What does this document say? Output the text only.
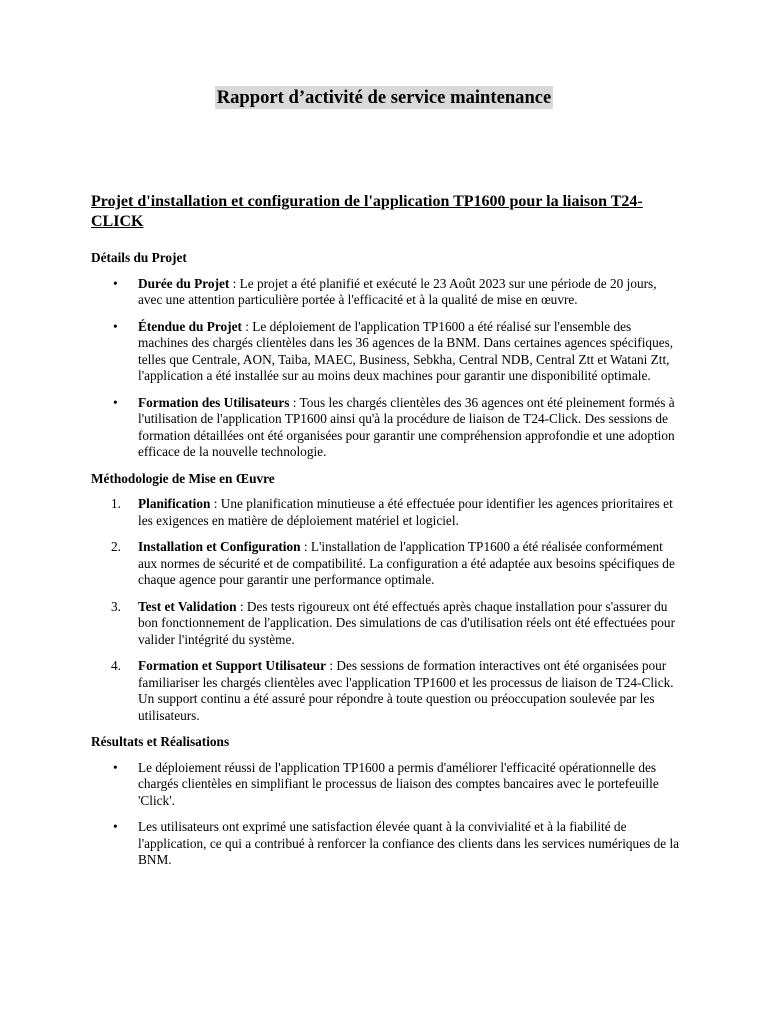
Rapport d’activité de service maintenance
Projet d'installation et configuration de l'application TP1600 pour la liaison T24-CLICK
Détails du Projet
• Durée du Projet : Le projet a été planifié et exécuté le 23 Août 2023 sur une période de 20 jours, avec une attention particulière portée à l'efficacité et à la qualité de mise en œuvre.
• Étendue du Projet : Le déploiement de l'application TP1600 a été réalisé sur l'ensemble des machines des chargés clientèles dans les 36 agences de la BNM. Dans certaines agences spécifiques, telles que Centrale, AON, Taiba, MAEC, Business, Sebkha, Central NDB, Central Ztt et Watani Ztt, l'application a été installée sur au moins deux machines pour garantir une disponibilité optimale.
• Formation des Utilisateurs : Tous les chargés clientèles des 36 agences ont été pleinement formés à l'utilisation de l'application TP1600 ainsi qu'à la procédure de liaison de T24-Click. Des sessions de formation détaillées ont été organisées pour garantir une compréhension approfondie et une adoption efficace de la nouvelle technologie.
Méthodologie de Mise en Œuvre
1. Planification : Une planification minutieuse a été effectuée pour identifier les agences prioritaires et les exigences en matière de déploiement matériel et logiciel.
2. Installation et Configuration : L'installation de l'application TP1600 a été réalisée conformément aux normes de sécurité et de compatibilité. La configuration a été adaptée aux besoins spécifiques de chaque agence pour garantir une performance optimale.
3. Test et Validation : Des tests rigoureux ont été effectués après chaque installation pour s'assurer du bon fonctionnement de l'application. Des simulations de cas d'utilisation réels ont été effectuées pour valider l'intégrité du système.
4. Formation et Support Utilisateur : Des sessions de formation interactives ont été organisées pour familiariser les chargés clientèles avec l'application TP1600 et les processus de liaison de T24-Click. Un support continu a été assuré pour répondre à toute question ou préoccupation soulevée par les utilisateurs.
Résultats et Réalisations
• Le déploiement réussi de l'application TP1600 a permis d'améliorer l'efficacité opérationnelle des chargés clientèles en simplifiant le processus de liaison des comptes bancaires avec le portefeuille 'Click'.
• Les utilisateurs ont exprimé une satisfaction élevée quant à la convivialité et à la fiabilité de l'application, ce qui a contribué à renforcer la confiance des clients dans les services numériques de la BNM.
